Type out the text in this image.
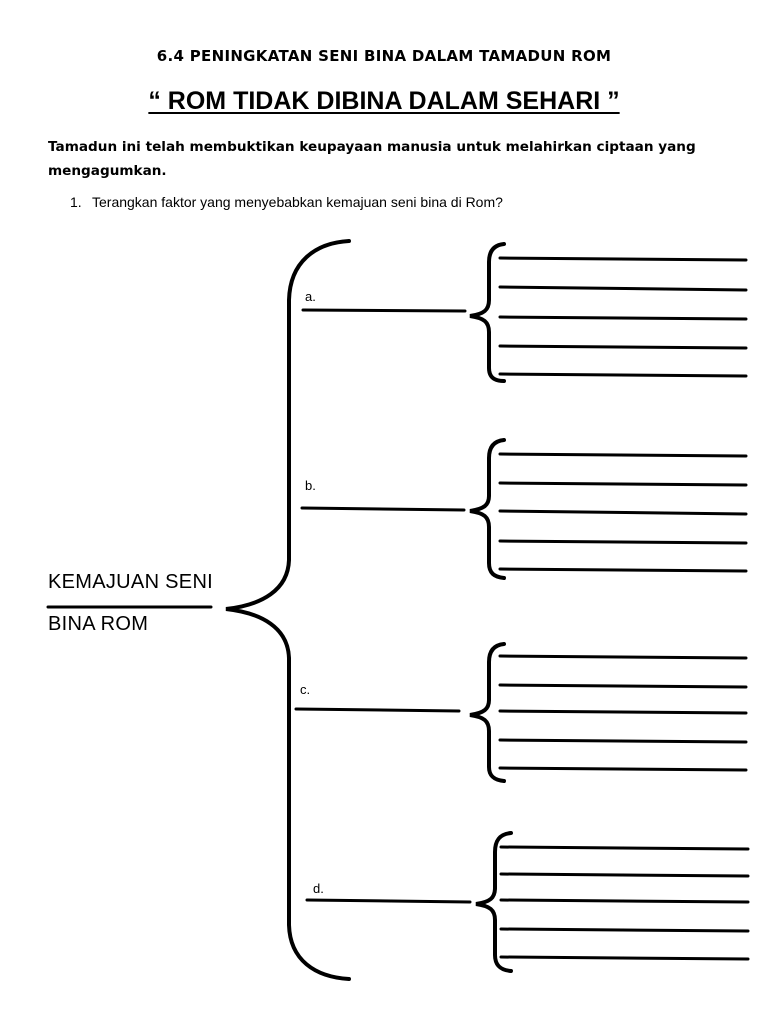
6.4 PENINGKATAN SENI BINA DALAM TAMADUN ROM
“ ROM TIDAK DIBINA DALAM SEHARI ”
Tamadun ini telah membuktikan keupayaan manusia untuk melahirkan ciptaan yang mengagumkan.
1. Terangkan faktor yang menyebabkan kemajuan seni bina di Rom?
a.
b.
c.
d.
KEMAJUAN SENI
BINA ROM
